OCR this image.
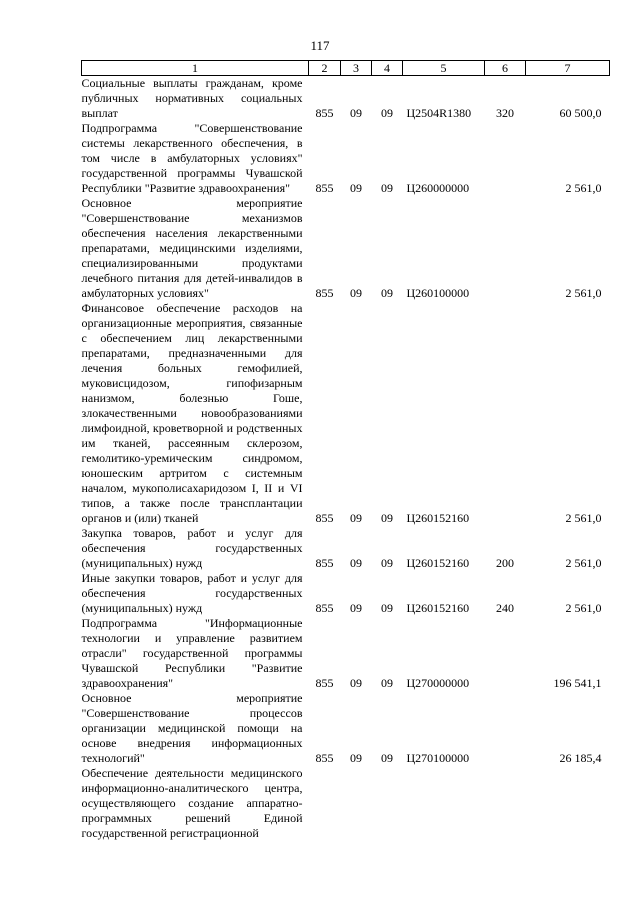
117
1	2	3	4	5	6	7
Социальные выплаты гражданам, кроме публичных нормативных социальных выплат	855	09	09	Ц2504R1380	320	60 500,0
Подпрограмма "Совершенствование системы лекарственного обеспечения, в том числе в амбулаторных условиях" государственной программы Чувашской Республики "Развитие здравоохранения"	855	09	09	Ц260000000		2 561,0
Основное мероприятие "Совершенствование механизмов обеспечения населения лекарственными препаратами, медицинскими изделиями, специализированными продуктами лечебного питания для детей-инвалидов в амбулаторных условиях"	855	09	09	Ц260100000		2 561,0
Финансовое обеспечение расходов на организационные мероприятия, связанные с обеспечением лиц лекарственными препаратами, предназначенными для лечения больных гемофилией, муковисцидозом, гипофизарным нанизмом, болезнью Гоше, злокачественными новообразованиями лимфоидной, кроветворной и родственных им тканей, рассеянным склерозом, гемолитико-уремическим синдромом, юношеским артритом с системным началом, мукополисахаридозом I, II и VI типов, а также после трансплантации органов и (или) тканей	855	09	09	Ц260152160		2 561,0
Закупка товаров, работ и услуг для обеспечения государственных (муниципальных) нужд	855	09	09	Ц260152160	200	2 561,0
Иные закупки товаров, работ и услуг для обеспечения государственных (муниципальных) нужд	855	09	09	Ц260152160	240	2 561,0
Подпрограмма "Информационные технологии и управление развитием отрасли" государственной программы Чувашской Республики "Развитие здравоохранения"	855	09	09	Ц270000000		196 541,1
Основное мероприятие "Совершенствование процессов организации медицинской помощи на основе внедрения информационных технологий"	855	09	09	Ц270100000		26 185,4
Обеспечение деятельности медицинского информационно-аналитического центра, осуществляющего создание аппаратно-программных решений Единой государственной регистрационной						
